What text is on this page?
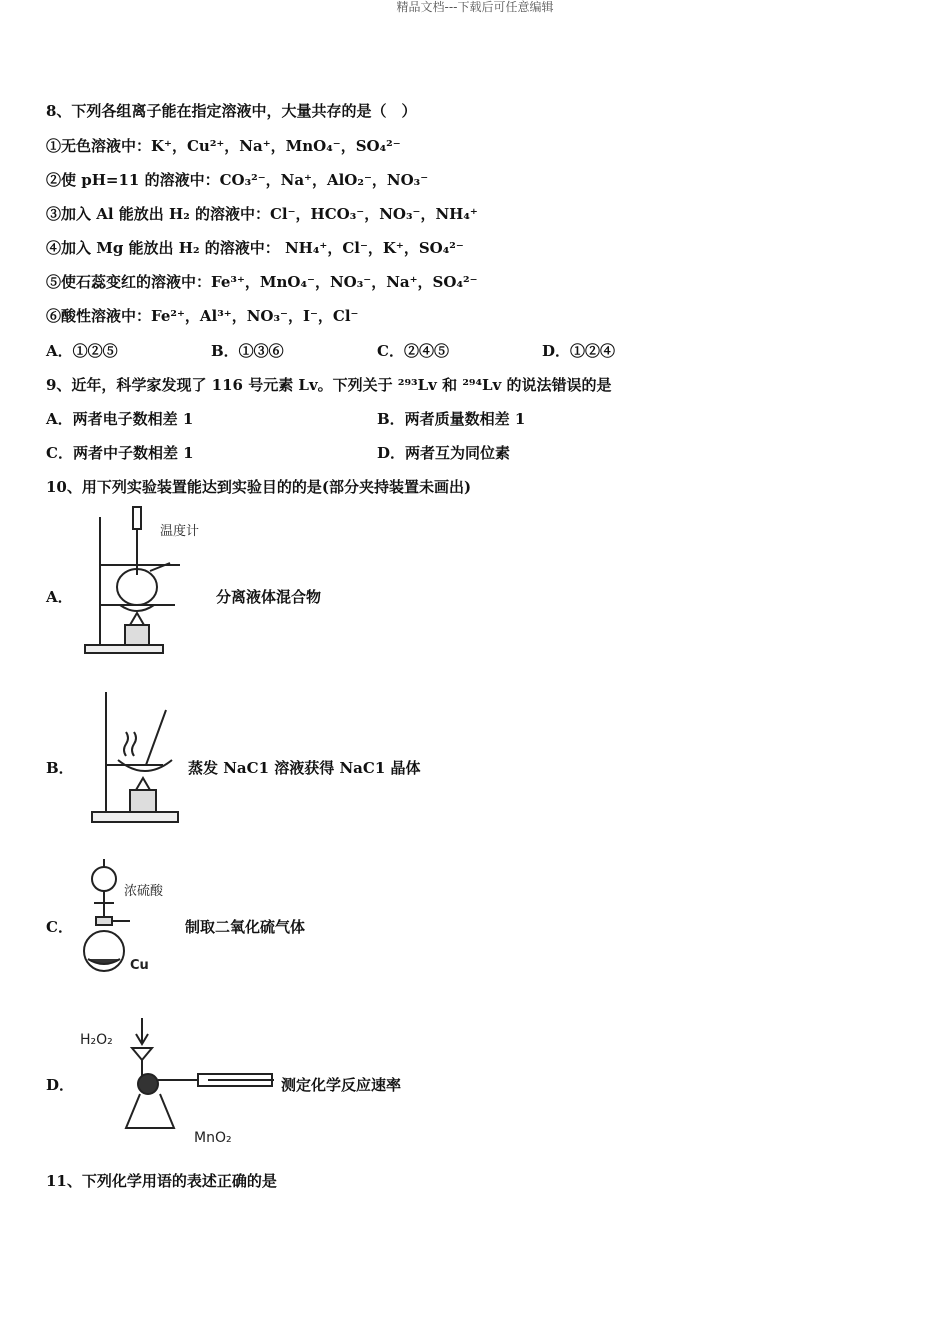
精品文档---下载后可任意编辑
8、下列各组离子能在指定溶液中，大量共存的是（　）
①无色溶液中：K⁺，Cu²⁺，Na⁺，MnO₄⁻，SO₄²⁻
②使 pH=11 的溶液中：CO₃²⁻，Na⁺，AlO₂⁻，NO₃⁻
③加入 Al 能放出 H₂ 的溶液中：Cl⁻，HCO₃⁻，NO₃⁻，NH₄⁺
④加入 Mg 能放出 H₂ 的溶液中： NH₄⁺，Cl⁻，K⁺，SO₄²⁻
⑤使石蕊变红的溶液中：Fe³⁺，MnO₄⁻，NO₃⁻，Na⁺，SO₄²⁻
⑥酸性溶液中：Fe²⁺，Al³⁺，NO₃⁻，I⁻，Cl⁻
A．①②⑤	B．①③⑥	C．②④⑤	D．①②④
9、近年，科学家发现了 116 号元素 Lv。下列关于 ²⁹³Lv 和 ²⁹⁴Lv 的说法错误的是
A．两者电子数相差 1	B．两者质量数相差 1
C．两者中子数相差 1	D．两者互为同位素
10、用下列实验装置能达到实验目的的是(部分夹持装置未画出)
A．
温度计
分离液体混合物
B．	蒸发 NaC1 溶液获得 NaC1 晶体
C．
浓硫酸
Cu
制取二氧化硫气体
D．
H₂O₂
MnO₂
测定化学反应速率
11、下列化学用语的表述正确的是
